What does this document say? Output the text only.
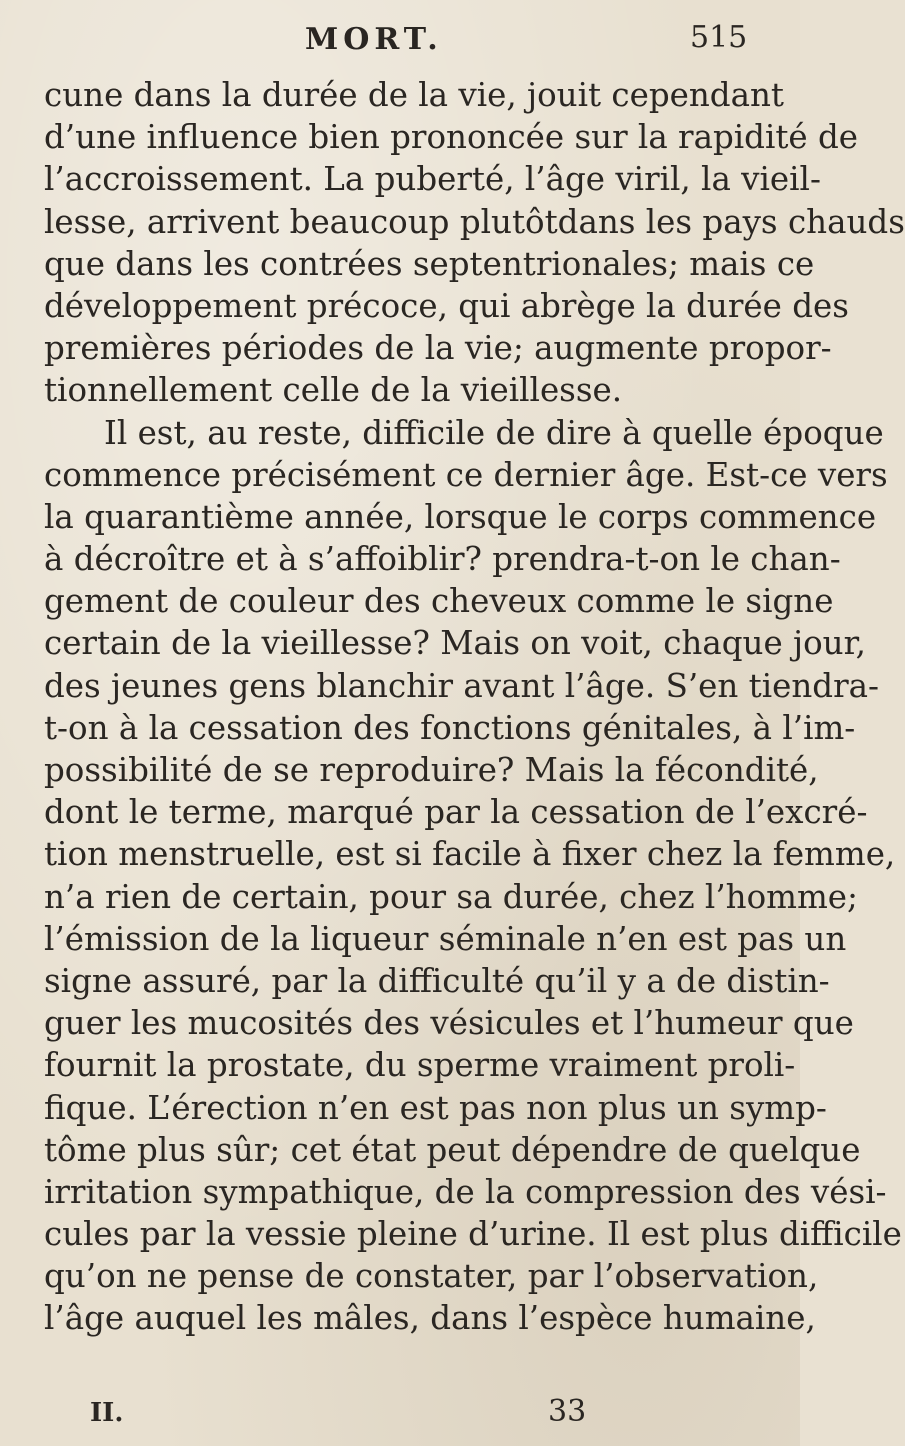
MORT.	515
cune dans la durée de la vie, jouit cependant
d’une influence bien prononcée sur la rapidité de
l’accroissement. La puberté, l’âge viril, la vieil-
lesse, arrivent beaucoup plutôtdans les pays chauds
que dans les contrées septentrionales; mais ce
développement précoce, qui abrège la durée des
premières périodes de la vie; augmente propor-
tionnellement celle de la vieillesse.
Il est, au reste, difficile de dire à quelle époque
commence précisément ce dernier âge. Est-ce vers
la quarantième année, lorsque le corps commence
à décroître et à s’affoiblir? prendra-t-on le chan-
gement de couleur des cheveux comme le signe
certain de la vieillesse? Mais on voit, chaque jour,
des jeunes gens blanchir avant l’âge. S’en tiendra-
t-on à la cessation des fonctions génitales, à l’im-
possibilité de se reproduire? Mais la fécondité,
dont le terme, marqué par la cessation de l’excré-
tion menstruelle, est si facile à fixer chez la femme,
n’a rien de certain, pour sa durée, chez l’homme;
l’émission de la liqueur séminale n’en est pas un
signe assuré, par la difficulté qu’il y a de distin-
guer les mucosités des vésicules et l’humeur que
fournit la prostate, du sperme vraiment proli-
fique. L’érection n’en est pas non plus un symp-
tôme plus sûr; cet état peut dépendre de quelque
irritation sympathique, de la compression des vési-
cules par la vessie pleine d’urine. Il est plus difficile
qu’on ne pense de constater, par l’observation,
l’âge auquel les mâles, dans l’espèce humaine,
II.	33
